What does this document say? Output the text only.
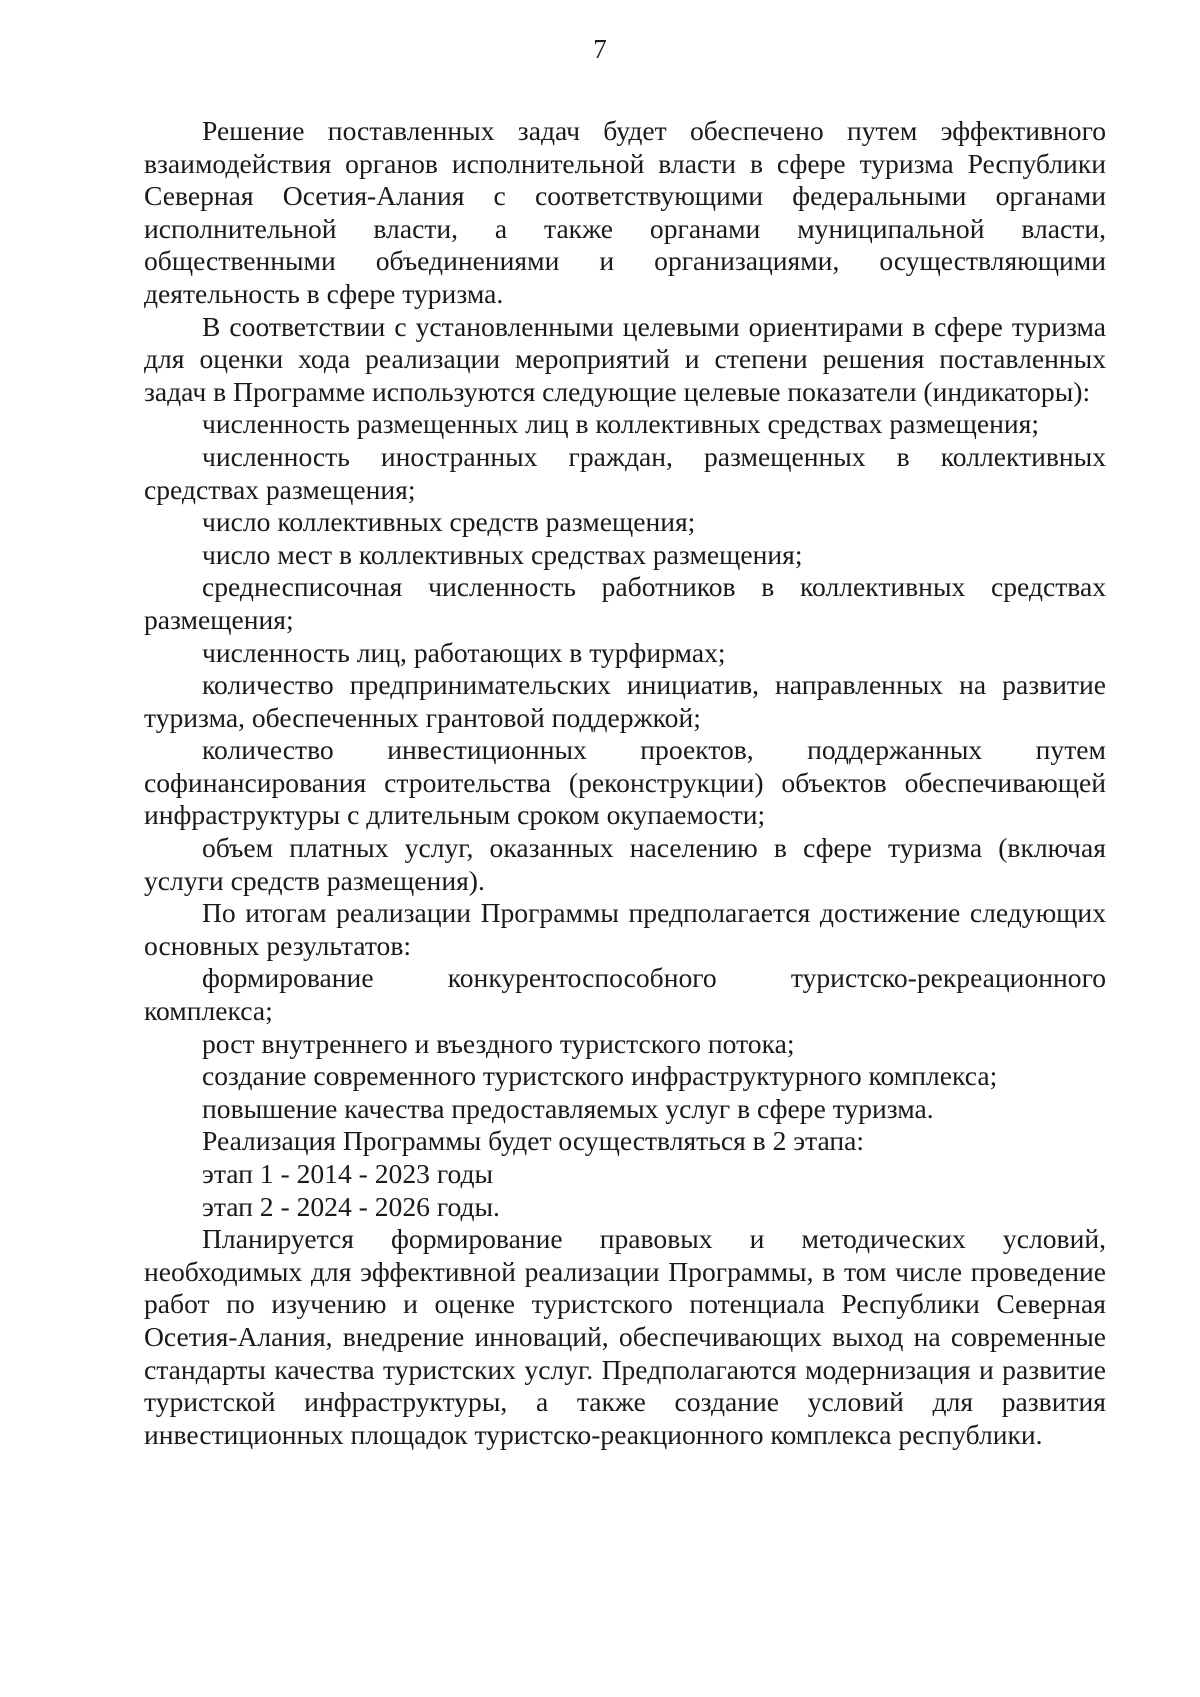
7

Решение поставленных задач будет обеспечено путем эффективного взаимодействия органов исполнительной власти в сфере туризма Республики Северная Осетия-Алания с соответствующими федеральными органами исполнительной власти, а также органами муниципальной власти, общественными объединениями и организациями, осуществляющими деятельность в сфере туризма.

В соответствии с установленными целевыми ориентирами в сфере туризма для оценки хода реализации мероприятий и степени решения поставленных задач в Программе используются следующие целевые показатели (индикаторы):

численность размещенных лиц в коллективных средствах размещения;

численность иностранных граждан, размещенных в коллективных средствах размещения;

число коллективных средств размещения;

число мест в коллективных средствах размещения;

среднесписочная численность работников в коллективных средствах размещения;

численность лиц, работающих в турфирмах;

количество предпринимательских инициатив, направленных на развитие туризма, обеспеченных грантовой поддержкой;

количество инвестиционных проектов, поддержанных путем софинансирования строительства (реконструкции) объектов обеспечивающей инфраструктуры с длительным сроком окупаемости;

объем платных услуг, оказанных населению в сфере туризма (включая услуги средств размещения).

По итогам реализации Программы предполагается достижение следующих основных результатов:

формирование конкурентоспособного туристско-рекреационного комплекса;

рост внутреннего и въездного туристского потока;

создание современного туристского инфраструктурного комплекса;

повышение качества предоставляемых услуг в сфере туризма.

Реализация Программы будет осуществляться в 2 этапа:

этап 1 - 2014 - 2023 годы

этап 2 - 2024 - 2026 годы.

Планируется формирование правовых и методических условий, необходимых для эффективной реализации Программы, в том числе проведение работ по изучению и оценке туристского потенциала Республики Северная Осетия-Алания, внедрение инноваций, обеспечивающих выход на современные стандарты качества туристских услуг. Предполагаются модернизация и развитие туристской инфраструктуры, а также создание условий для развития инвестиционных площадок туристско-реакционного комплекса республики.
